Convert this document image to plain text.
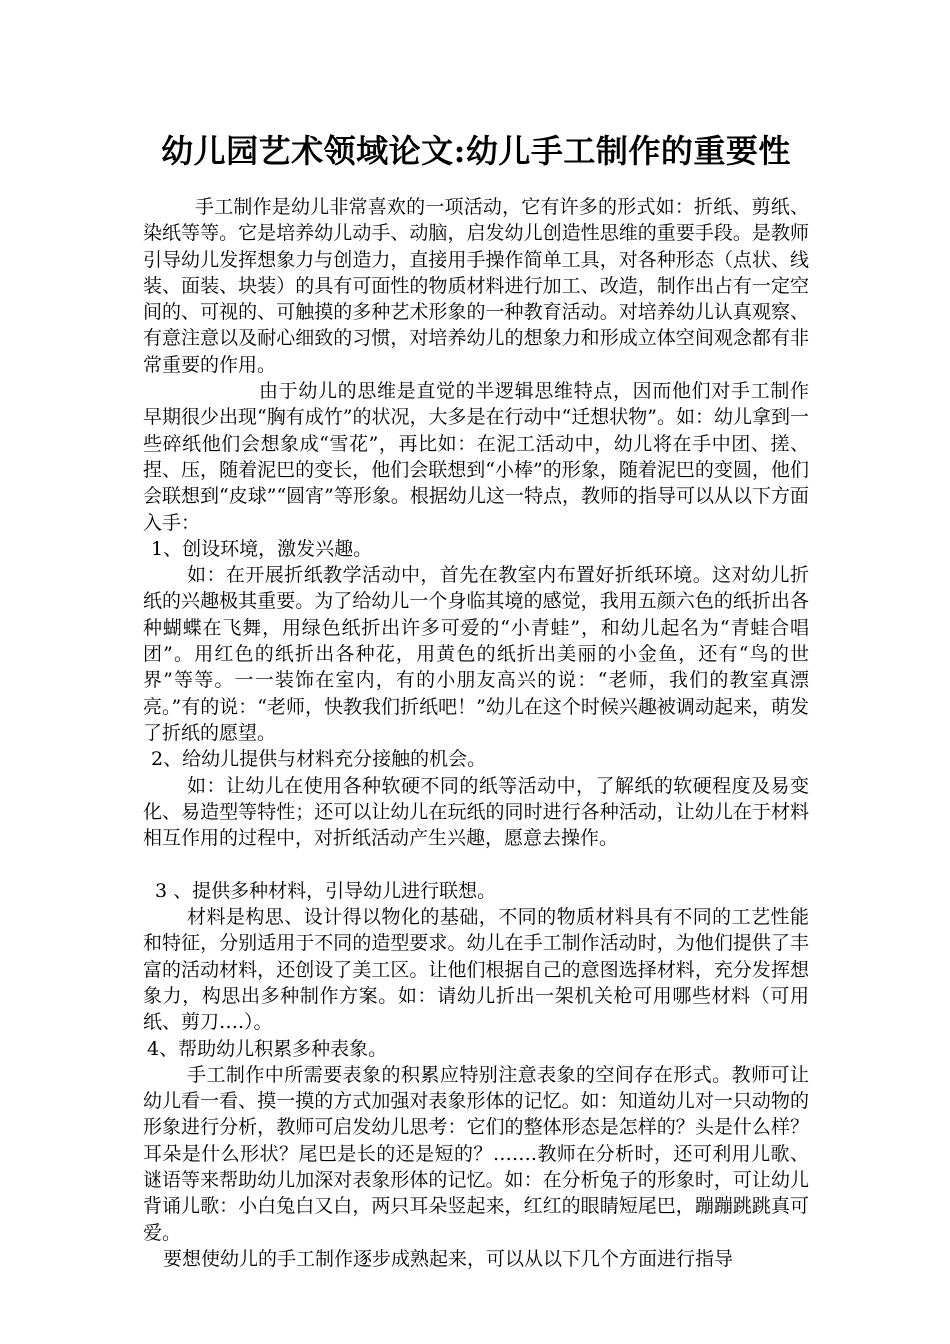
幼儿园艺术领域论文:幼儿手工制作的重要性

手工制作是幼儿非常喜欢的一项活动，它有许多的形式如：折纸、剪纸、染纸等等。它是培养幼儿动手、动脑，启发幼儿创造性思维的重要手段。是教师引导幼儿发挥想象力与创造力，直接用手操作简单工具，对各种形态（点状、线装、面装、块装）的具有可面性的物质材料进行加工、改造，制作出占有一定空间的、可视的、可触摸的多种艺术形象的一种教育活动。对培养幼儿认真观察、有意注意以及耐心细致的习惯，对培养幼儿的想象力和形成立体空间观念都有非常重要的作用。

由于幼儿的思维是直觉的半逻辑思维特点，因而他们对手工制作早期很少出现“胸有成竹”的状况，大多是在行动中“迁想状物”。如：幼儿拿到一些碎纸他们会想象成“雪花”，再比如：在泥工活动中，幼儿将在手中团、搓、捏、压，随着泥巴的变长，他们会联想到“小棒”的形象，随着泥巴的变圆，他们会联想到“皮球”“圆宵”等形象。根据幼儿这一特点，教师的指导可以从以下方面入手：

1、创设环境，激发兴趣。

如：在开展折纸教学活动中，首先在教室内布置好折纸环境。这对幼儿折纸的兴趣极其重要。为了给幼儿一个身临其境的感觉，我用五颜六色的纸折出各种蝴蝶在飞舞，用绿色纸折出许多可爱的“小青蛙”，和幼儿起名为“青蛙合唱团”。用红色的纸折出各种花，用黄色的纸折出美丽的小金鱼，还有“鸟的世界”等等。一一装饰在室内，有的小朋友高兴的说：“老师，我们的教室真漂亮。”有的说：“老师，快教我们折纸吧！”幼儿在这个时候兴趣被调动起来，萌发了折纸的愿望。

2、给幼儿提供与材料充分接触的机会。

如：让幼儿在使用各种软硬不同的纸等活动中，了解纸的软硬程度及易变化、易造型等特性；还可以让幼儿在玩纸的同时进行各种活动，让幼儿在于材料相互作用的过程中，对折纸活动产生兴趣，愿意去操作。

3 、提供多种材料，引导幼儿进行联想。

材料是构思、设计得以物化的基础，不同的物质材料具有不同的工艺性能和特征，分别适用于不同的造型要求。幼儿在手工制作活动时，为他们提供了丰富的活动材料，还创设了美工区。让他们根据自己的意图选择材料，充分发挥想象力，构思出多种制作方案。如：请幼儿折出一架机关枪可用哪些材料（可用纸、剪刀….）。

4、帮助幼儿积累多种表象。

手工制作中所需要表象的积累应特别注意表象的空间存在形式。教师可让幼儿看一看、摸一摸的方式加强对表象形体的记忆。如：知道幼儿对一只动物的形象进行分析，教师可启发幼儿思考：它们的整体形态是怎样的？头是什么样？耳朵是什么形状？尾巴是长的还是短的？…….教师在分析时，还可利用儿歌、谜语等来帮助幼儿加深对表象形体的记忆。如：在分析兔子的形象时，可让幼儿背诵儿歌：小白兔白又白，两只耳朵竖起来，红红的眼睛短尾巴，蹦蹦跳跳真可爱。

要想使幼儿的手工制作逐步成熟起来，可以从以下几个方面进行指导
